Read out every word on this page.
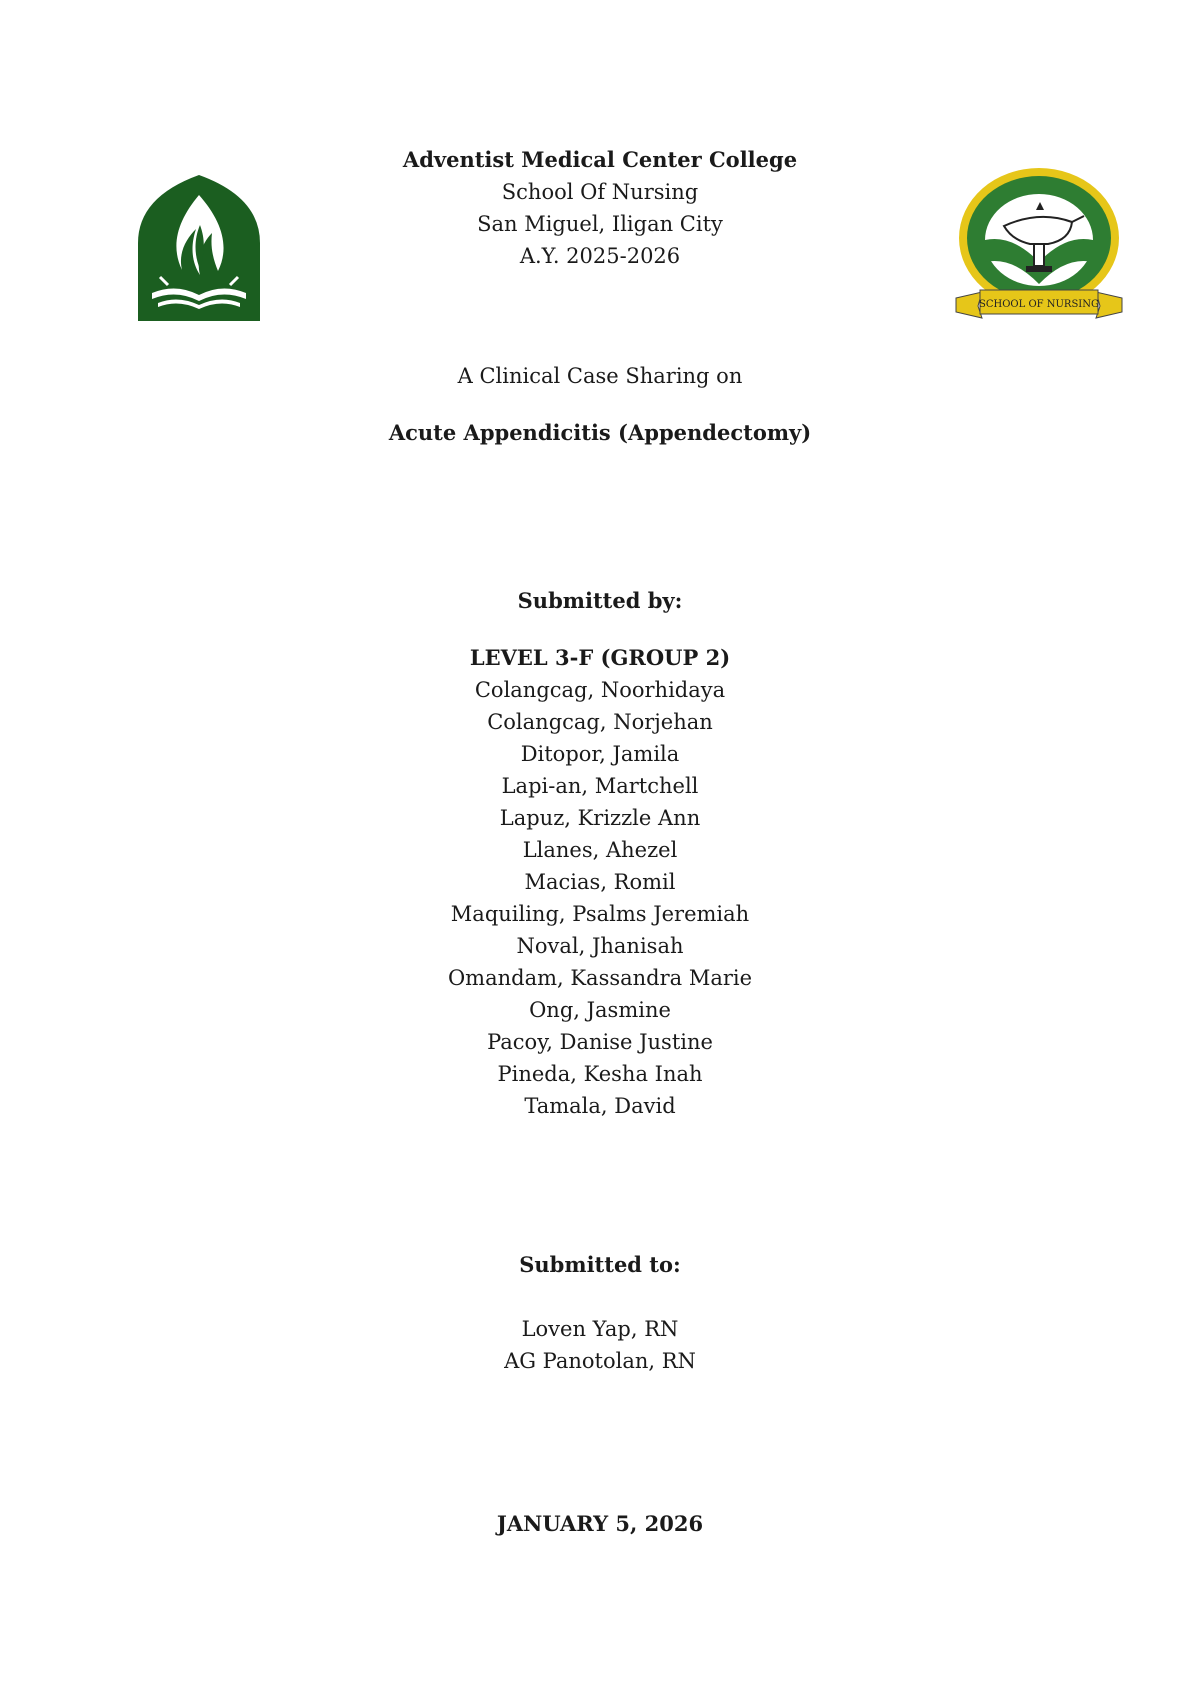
SCHOOL OF NURSING
Adventist Medical Center College
School Of Nursing
San Miguel, Iligan City
A.Y. 2025-2026
A Clinical Case Sharing on
Acute Appendicitis (Appendectomy)
Submitted by:
LEVEL 3-F (GROUP 2)
Colangcag, Noorhidaya
Colangcag, Norjehan
Ditopor, Jamila
Lapi-an, Martchell
Lapuz, Krizzle Ann
Llanes, Ahezel
Macias, Romil
Maquiling, Psalms Jeremiah
Noval, Jhanisah
Omandam, Kassandra Marie
Ong, Jasmine
Pacoy, Danise Justine
Pineda, Kesha Inah
Tamala, David
Submitted to:
Loven Yap, RN
AG Panotolan, RN
JANUARY 5, 2026
